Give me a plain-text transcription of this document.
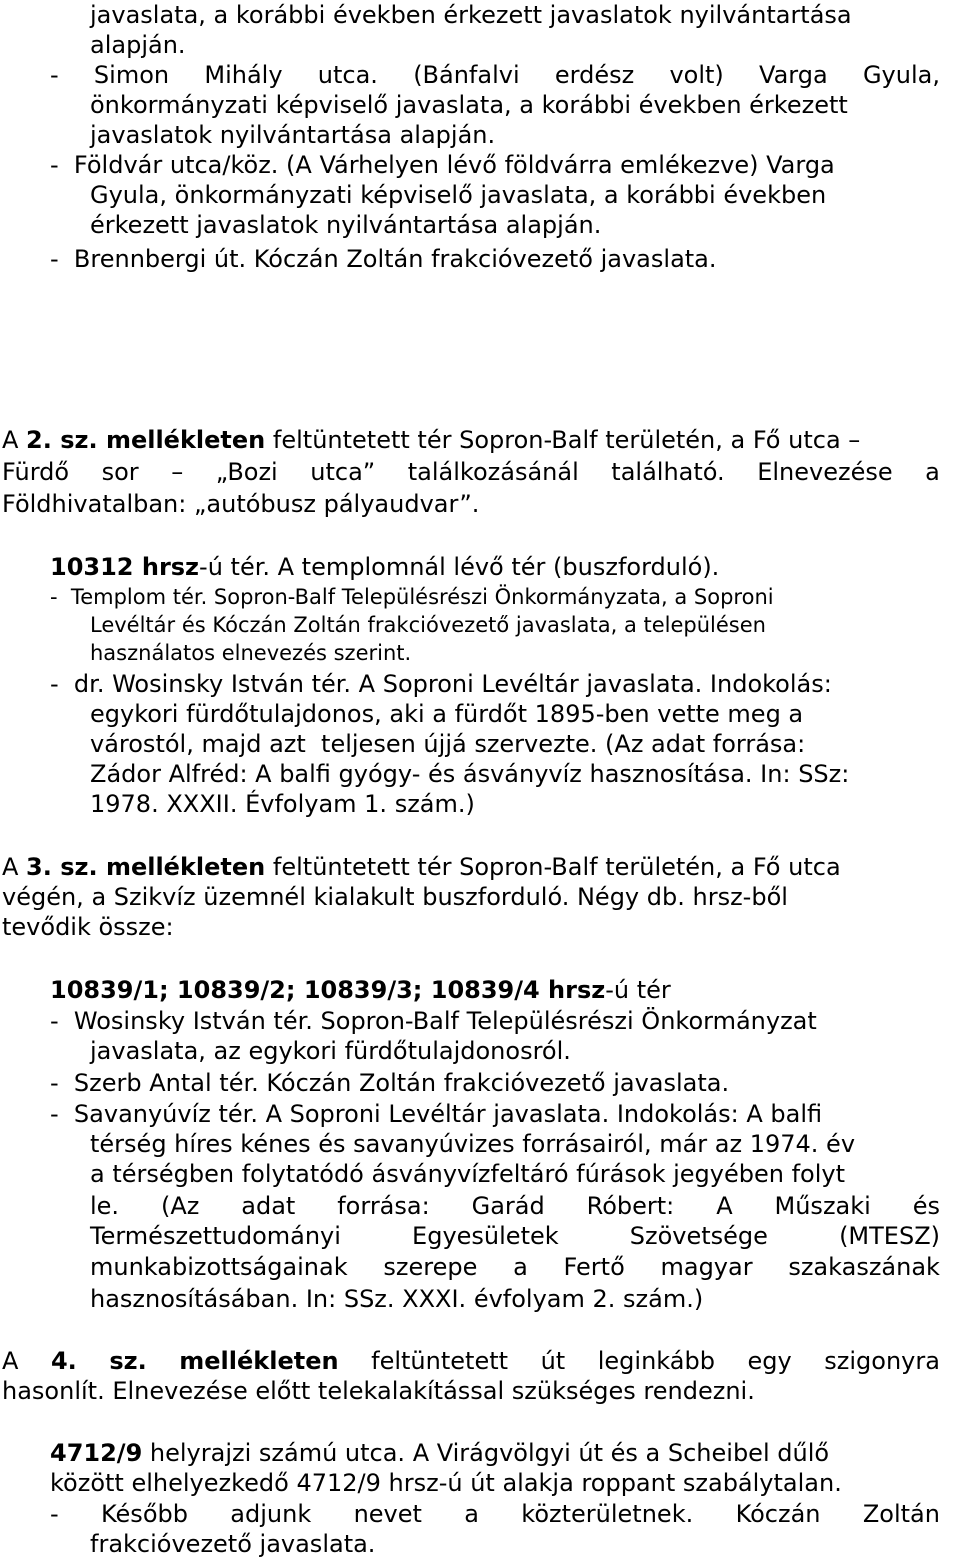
javaslata, a korábbi években érkezett javaslatok nyilvántartása
alapján.
- Simon Mihály utca. (Bánfalvi erdész volt) Varga Gyula,
önkormányzati képviselő javaslata, a korábbi években érkezett
javaslatok nyilvántartása alapján.
-  Földvár utca/köz. (A Várhelyen lévő földvárra emlékezve) Varga
Gyula, önkormányzati képviselő javaslata, a korábbi években
érkezett javaslatok nyilvántartása alapján.
-  Brennbergi út. Kóczán Zoltán frakcióvezető javaslata.
A 2. sz. mellékleten feltüntetett tér Sopron-Balf területén, a Fő utca –
Fürdő sor – „Bozi utca” találkozásánál található. Elnevezése a
Földhivatalban: „autóbusz pályaudvar”.
10312 hrsz-ú tér. A templomnál lévő tér (buszforduló).
-  Templom tér. Sopron-Balf Településrészi Önkormányzata, a Soproni
Levéltár és Kóczán Zoltán frakcióvezető javaslata, a településen
használatos elnevezés szerint.
-  dr. Wosinsky István tér. A Soproni Levéltár javaslata. Indokolás:
egykori fürdőtulajdonos, aki a fürdőt 1895-ben vette meg a
várostól, majd azt  teljesen újjá szervezte. (Az adat forrása:
Zádor Alfréd: A balfi gyógy- és ásványvíz hasznosítása. In: SSz:
1978. XXXII. Évfolyam 1. szám.)
A 3. sz. mellékleten feltüntetett tér Sopron-Balf területén, a Fő utca
végén, a Szikvíz üzemnél kialakult buszforduló. Négy db. hrsz-ből
tevődik össze:
10839/1; 10839/2; 10839/3; 10839/4 hrsz-ú tér
-  Wosinsky István tér. Sopron-Balf Településrészi Önkormányzat
javaslata, az egykori fürdőtulajdonosról.
-  Szerb Antal tér. Kóczán Zoltán frakcióvezető javaslata.
-  Savanyúvíz tér. A Soproni Levéltár javaslata. Indokolás: A balfi
térség híres kénes és savanyúvizes forrásairól, már az 1974. év
a térségben folytatódó ásványvízfeltáró fúrások jegyében folyt
le. (Az adat forrása: Garád Róbert: A Műszaki és
Természettudományi	Egyesületek	Szövetsége	(MTESZ)
munkabizottságainak szerepe a Fertő magyar szakaszának
hasznosításában. In: SSz. XXXI. évfolyam 2. szám.)
A 4. sz. mellékleten feltüntetett út leginkább egy szigonyra
hasonlít. Elnevezése előtt telekalakítással szükséges rendezni.
4712/9 helyrajzi számú utca. A Virágvölgyi út és a Scheibel dűlő
között elhelyezkedő 4712/9 hrsz-ú út alakja roppant szabálytalan.
- Később adjunk nevet a közterületnek. Kóczán Zoltán
frakcióvezető javaslata.
